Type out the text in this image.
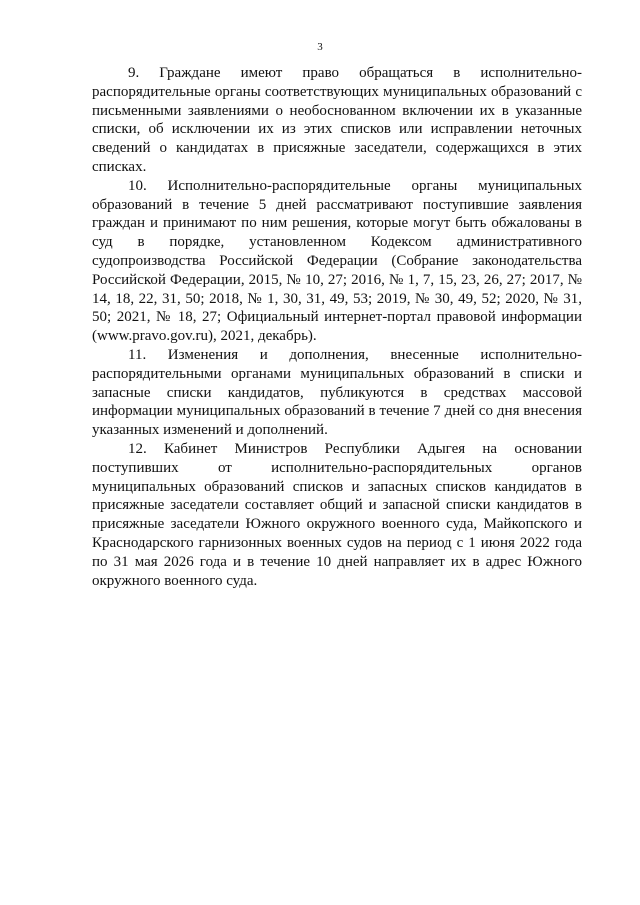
3

9. Граждане имеют право обращаться в исполнительно-распорядительные органы соответствующих муниципальных образований с письменными заявлениями о необоснованном включении их в указанные списки, об исключении их из этих списков или исправлении неточных сведений о кандидатах в присяжные заседатели, содержащихся в этих списках.

10. Исполнительно-распорядительные органы муниципальных образований в течение 5 дней рассматривают поступившие заявления граждан и принимают по ним решения, которые могут быть обжалованы в суд в порядке, установленном Кодексом административного судопроизводства Российской Федерации (Собрание законодательства Российской Федерации, 2015, № 10, 27; 2016, № 1, 7, 15, 23, 26, 27; 2017, № 14, 18, 22, 31, 50; 2018, № 1, 30, 31, 49, 53; 2019, № 30, 49, 52; 2020, № 31, 50; 2021, № 18, 27; Официальный интернет-портал правовой информации (www.pravo.gov.ru), 2021, декабрь).

11. Изменения и дополнения, внесенные исполнительно-распорядительными органами муниципальных образований в списки и запасные списки кандидатов, публикуются в средствах массовой информации муниципальных образований в течение 7 дней со дня внесения указанных изменений и дополнений.

12. Кабинет Министров Республики Адыгея на основании поступивших от исполнительно-распорядительных органов муниципальных образований списков и запасных списков кандидатов в присяжные заседатели составляет общий и запасной списки кандидатов в присяжные заседатели Южного окружного военного суда, Майкопского и Краснодарского гарнизонных военных судов на период с 1 июня 2022 года по 31 мая 2026 года и в течение 10 дней направляет их в адрес Южного окружного военного суда.
